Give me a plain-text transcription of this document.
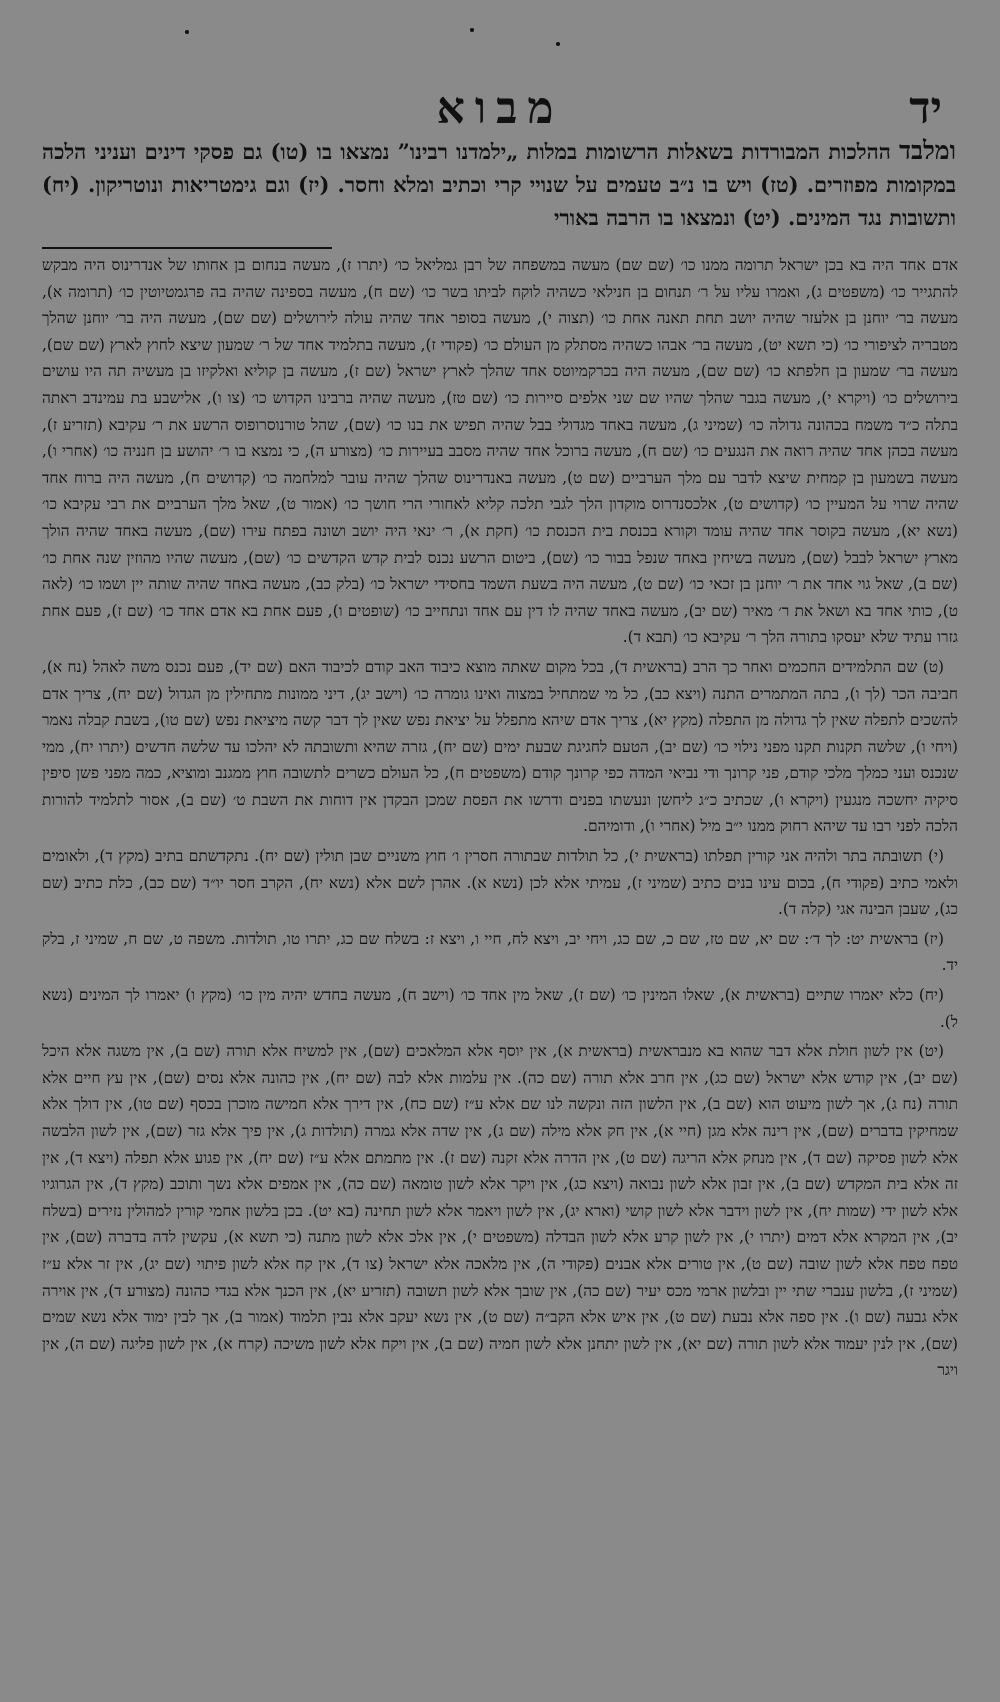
יד
מבוא
ומלבד ההלכות המבורדות בשאלות הרשומות במלות „ילמדנו רבינו” נמצאו בו (טו) גם פסקי דינים ועניני הלכה במקומות מפוזרים. (טז) ויש בו נ״ב טעמים על שנויי קרי וכתיב ומלא וחסר. (יז) וגם גימטריאות ונוטריקון. (יח) ותשובות נגד המינים. (יט) ונמצאו בו הרבה באורי

אדם אחד היה בא בכן ישראל תרומה ממנו כו׳ (שם שם) מעשה במשפחה של רבן גמליאל כו׳ (יתרו ז), מעשה בנחום בן אחותו של אנדרינוס היה מבקש להתגייר כו׳ (משפטים ג), ואמרו עליו על ר׳ תנחום בן חנילאי כשהיה לוקח לביתו בשר כו׳ (שם ח), מעשה בספינה שהיה בה פרגמטיוטין כו׳ (תרומה א), מעשה בר׳ יוחנן בן אלעזר שהיה יושב תחת תאנה אחת כו׳ (תצוה י), מעשה בסופר אחד שהיה עולה לירושלים (שם שם), מעשה היה בר׳ יוחנן שהלך מטבריה לציפורי כו׳ (כי תשא יט), מעשה בר׳ אבהו כשהיה מסתלק מן העולם כו׳ (פקודי ז), מעשה בתלמיד אחד של ר׳ שמעון שיצא לחוץ לארץ (שם שם), מעשה בר׳ שמעון בן חלפתא כו׳ (שם שם), מעשה היה בכרקמיוטס אחד שהלך לארץ ישראל (שם ז), מעשה בן קוליא ואלקיזו בן מעשיה תה היו עושים בירושלים כו׳ (ויקרא י), מעשה בגבר שהלך שהיו שם שני אלפים סיירות כו׳ (שם טז), מעשה שהיה ברבינו הקדוש כו׳ (צו ו), אלישבע בת עמינדב ראתה בתלה כ״ד משמח בכהונה גדולה כו׳ (שמיני ג), מעשה באחד מגדולי בבל שהיה תפיש את בנו כו׳ (שם), שהל טורנוסרופוס הרשע את ר׳ עקיבא (תזריע ז), מעשה בכהן אחד שהיה רואה את הנגעים כו׳ (שם ח), מעשה ברוכל אחד שהיה מסבב בעיירות כו׳ (מצורע ה), כי נמצא בו ר׳ יהושע בן חנניה כו׳ (אחרי ו), מעשה בשמעון בן קמחית שיצא לדבר עם מלך הערביים (שם ט), מעשה באנדרינוס שהלך שהיה עובר למלחמה כו׳ (קדושים ח), מעשה היה ברוח אחד שהיה שרוי על המעיין כו׳ (קדושים ט), אלכסנדרוס מוקדון הלך לגבי תלכה קליא לאחורי הרי חושך כו׳ (אמור ט), שאל מלך הערביים את רבי עקיבא כו׳ (נשא יא), מעשה בקוסר אחד שהיה עומד וקורא בכנסת בית הכנסת כו׳ (חקת א), ר׳ ינאי היה יושב ושונה בפתח עירו (שם), מעשה באחד שהיה הולך מארץ ישראל לבבל (שם), מעשה בשיחין באחד שנפל בבור כו׳ (שם), ביטום הרשע נכנס לבית קדש הקדשים כו׳ (שם), מעשה שהיו מהוזין שנה אחת כו׳ (שם ב), שאל גוי אחד את ר׳ יוחנן בן זכאי כו׳ (שם ט), מעשה היה בשעת השמד בחסידי ישראל כו׳ (בלק כב), מעשה באחד שהיה שותה יין ושמו כו׳ (לאה ט), כותי אחד בא ושאל את ר׳ מאיר (שם יב), מעשה באחד שהיה לו דין עם אחד ונתחייב כו׳ (שופטים ו), פעם אחת בא אדם אחד כו׳ (שם ז), פעם אחת גזרו עתיד שלא יעסקו בתורה הלך ר׳ עקיבא כו׳ (תבא ד).

(ט) שם התלמידים החכמים ואחר כך הרב (בראשית ד), בכל מקום שאתה מוצא כיבוד האב קודם לכיבוד האם (שם יד), פעם נכנס משה לאהל (נח א), חביבה הכר (לך ו), בתה המתמרים התנה (ויצא כב), כל מי שמתחיל במצוה ואינו גומרה כו׳ (וישב יג), דיני ממונות מתחילין מן הגדול (שם יח), צריך אדם להשכים לתפלה שאין לך גדולה מן התפלה (מקץ יא), צריך אדם שיהא מתפלל על יציאת נפש שאין לך דבר קשה מיציאת נפש (שם טו), בשבת קבלה נאמר (ויחי ו), שלשה תקנות תקנו מפני נילוי כו׳ (שם יב), הטעם לחגיגת שבעת ימים (שם יח), גזרה שהיא ותשובתה לא יהלכו עד שלשה חדשים (יתרו יח), ממי שנכנס ועני כמלך מלכי קודם, פני קרונך ודי נביאי המדה כפי קרונך קודם (משפטים ח), כל העולם כשרים לתשובה חוץ ממגנב ומוציא, כמה מפני פשן סיפין סיקיה יחשכה מנגעין (ויקרא ו), שכתיב כ״ג ליחשן ונעשתו בפנים ודרשו את הפסת שמכן הבקדן אין דוחות את השבת ט׳ (שם ב), אסור לתלמיד להורות הלכה לפני רבו עד שיהא רחוק ממנו י״ב מיל (אחרי ו), ודומיהם.

(י) תשובתה בתר ולהיה אני קורין תפלתו (בראשית י), כל תולדות שבתורה חסרין ו׳ חוץ משניים שבן תולין (שם יח). נתקדשתם בתיב (מקץ ד), ולאומים ולאמי כתיב (פקודי ח), בכום עינו בנים כתיב (שמיני ז), עמיתי אלא לכן (נשא א). אהרן לשם אלא (נשא יח), הקרב חסר יו״ד (שם כב), כלת כתיב (שם כג), שעבן הבינה אגי (קלה ד).

(יז) בראשית יט: לך ד׳: שם יא, שם טז, שם כ, שם כג, ויחי יב, ויצא לח, חיי ו, ויצא ז: בשלח שם כג, יתרו טו, תולדות. משפה ט, שם ח, שמיני ז, בלק יד.

(יח) כלא יאמרו שתיים (בראשית א), שאלו המינין כו׳ (שם ז), שאל מין אחד כו׳ (וישב ח), מעשה בחדש יהיה מין כו׳ (מקץ ו) יאמרו לך המינים (נשא ל).

(יט) אין לשון חולת אלא דבר שהוא בא מנבראשית (בראשית א), אין יוסף אלא המלאכים (שם), אין למשיח אלא תורה (שם ב), אין משגה אלא היכל (שם יב), אין קודש אלא ישראל (שם כג), אין חרב אלא תורה (שם כה). אין עלמות אלא לבה (שם יח), אין כהונה אלא נסים (שם), אין עץ חיים אלא תורה (נח ג), אך לשון מיעוט הוא (שם ב), אין הלשון הזה ונקשה לנו שם אלא ע״ז (שם כח), אין דירך אלא חמישה מוכרן בכסף (שם טו), אין דולך אלא שמחיקין בדברים (שם), אין רינה אלא מגן (חיי א), אין חק אלא מילה (שם ג), אין שדה אלא גמרה (תולדות ג), אין פיך אלא גזר (שם), אין לשון הלבשה אלא לשון פסיקה (שם ד), אין מנחק אלא הריגה (שם ט), אין הדרה אלא זקנה (שם ז). אין מתמתם אלא ע״ז (שם יח), אין פגוע אלא תפלה (ויצא ד), אין זה אלא בית המקדש (שם ב), אין זבון אלא לשון נבואה (ויצא כג), אין ויקר אלא לשון טומאה (שם כה), אין אמפים אלא נשך ותוכב (מקץ ד), אין הגרוגיו אלא לשון ידי (שמות יח), אין לשון וידבר אלא לשון קושי (וארא יג), אין לשון ויאמר אלא לשון תחינה (בא יט). בכן בלשון אחמי קורין למהולין נזירים (בשלח יב), אין המקרא אלא דמים (יתרו י), אין לשון קרע אלא לשון הבדלה (משפטים י), אין אלכ אלא לשון מתנה (כי תשא א), עקשין לדה בדברה (שם), אין טפח טפח אלא לשון שובה (שם ט), אין טורים אלא אבנים (פקודי ה), אין מלאכה אלא ישראל (צו ד), אין קח אלא לשון פיתוי (שם יג), אין זר אלא ע״ז (שמיני ז), בלשון ענברי שתי יין ובלשון ארמי מכס יעיר (שם כה), אין שובך אלא לשון תשובה (תזריע יא), אין הכנך אלא בגדי כהונה (מצורע ד), אין אוירה אלא גבעה (שם ו). אין ספה אלא נבעת (שם ט), אין איש אלא הקב״ה (שם ט), אין נשא יעקב אלא נבין תלמוד (אמור ב), אך לבין ימוד אלא נשא שמים (שם), אין לנין יעמוד אלא לשון תורה (שם יא), אין לשון יתחנן אלא לשון חמיה (שם ב), אין ויקח אלא לשון משיכה (קרח א), אין לשון פליגה (שם ה), אין ויגר
